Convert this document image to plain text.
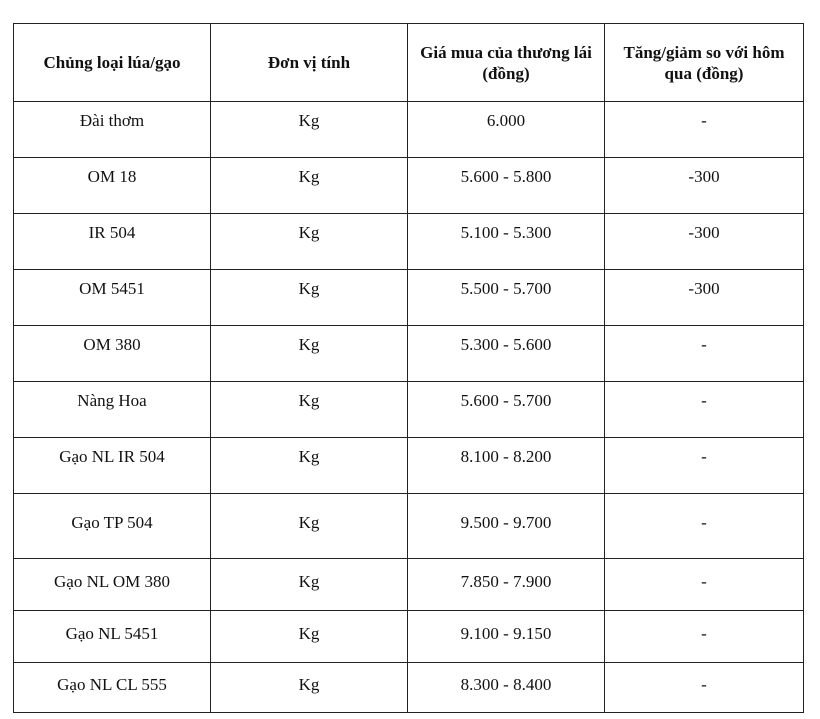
Chủng loại lúa/gạo	Đơn vị tính	Giá mua của thương lái (đồng)	Tăng/giảm so với hôm qua (đồng)
Đài thơm	Kg	6.000	-
OM 18	Kg	5.600 - 5.800	-300
IR 504	Kg	5.100 - 5.300	-300
OM 5451	Kg	5.500 - 5.700	-300
OM 380	Kg	5.300 - 5.600	-
Nàng Hoa	Kg	5.600 - 5.700	-
Gạo NL IR 504	Kg	8.100 - 8.200	-
Gạo TP 504	Kg	9.500 - 9.700	-
Gạo NL OM 380	Kg	7.850 - 7.900	-
Gạo NL 5451	Kg	9.100 - 9.150	-
Gạo NL CL 555	Kg	8.300 - 8.400	-
